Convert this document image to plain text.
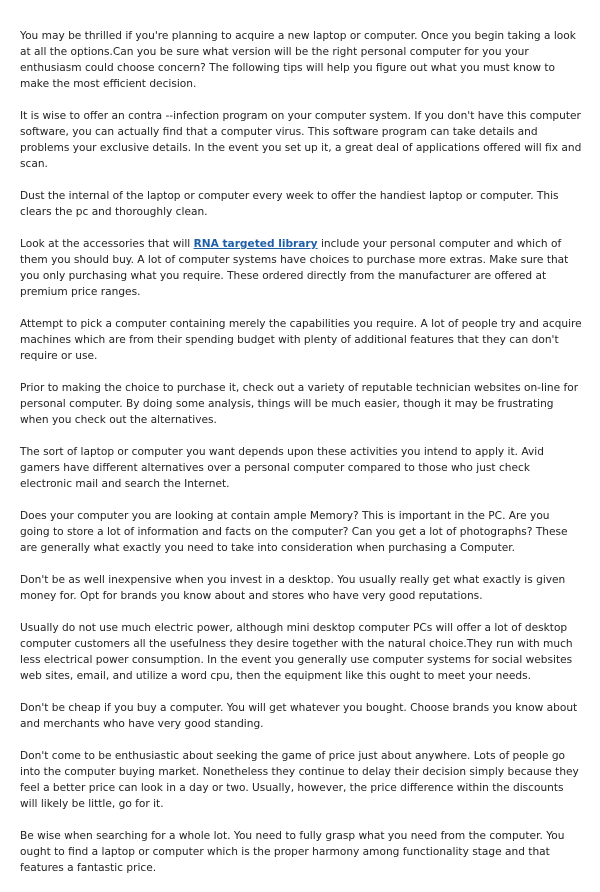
You may be thrilled if you're planning to acquire a new laptop or computer. Once you begin taking a look at all the options.Can you be sure what version will be the right personal computer for you your enthusiasm could choose concern? The following tips will help you figure out what you must know to make the most efficient decision.

It is wise to offer an contra --infection program on your computer system. If you don't have this computer software, you can actually find that a computer virus. This software program can take details and problems your exclusive details. In the event you set up it, a great deal of applications offered will fix and scan.

Dust the internal of the laptop or computer every week to offer the handiest laptop or computer. This clears the pc and thoroughly clean.

Look at the accessories that will RNA targeted library include your personal computer and which of them you should buy. A lot of computer systems have choices to purchase more extras. Make sure that you only purchasing what you require. These ordered directly from the manufacturer are offered at premium price ranges.

Attempt to pick a computer containing merely the capabilities you require. A lot of people try and acquire machines which are from their spending budget with plenty of additional features that they can don't require or use.

Prior to making the choice to purchase it, check out a variety of reputable technician websites on-line for personal computer. By doing some analysis, things will be much easier, though it may be frustrating when you check out the alternatives.

The sort of laptop or computer you want depends upon these activities you intend to apply it. Avid gamers have different alternatives over a personal computer compared to those who just check electronic mail and search the Internet.

Does your computer you are looking at contain ample Memory? This is important in the PC. Are you going to store a lot of information and facts on the computer? Can you get a lot of photographs? These are generally what exactly you need to take into consideration when purchasing a Computer.

Don't be as well inexpensive when you invest in a desktop. You usually really get what exactly is given money for. Opt for brands you know about and stores who have very good reputations.

Usually do not use much electric power, although mini desktop computer PCs will offer a lot of desktop computer customers all the usefulness they desire together with the natural choice.They run with much less electrical power consumption. In the event you generally use computer systems for social websites web sites, email, and utilize a word cpu, then the equipment like this ought to meet your needs.

Don't be cheap if you buy a computer. You will get whatever you bought. Choose brands you know about and merchants who have very good standing.

Don't come to be enthusiastic about seeking the game of price just about anywhere. Lots of people go into the computer buying market. Nonetheless they continue to delay their decision simply because they feel a better price can look in a day or two. Usually, however, the price difference within the discounts will likely be little, go for it.

Be wise when searching for a whole lot. You need to fully grasp what you need from the computer. You ought to find a laptop or computer which is the proper harmony among functionality stage and that features a fantastic price.
